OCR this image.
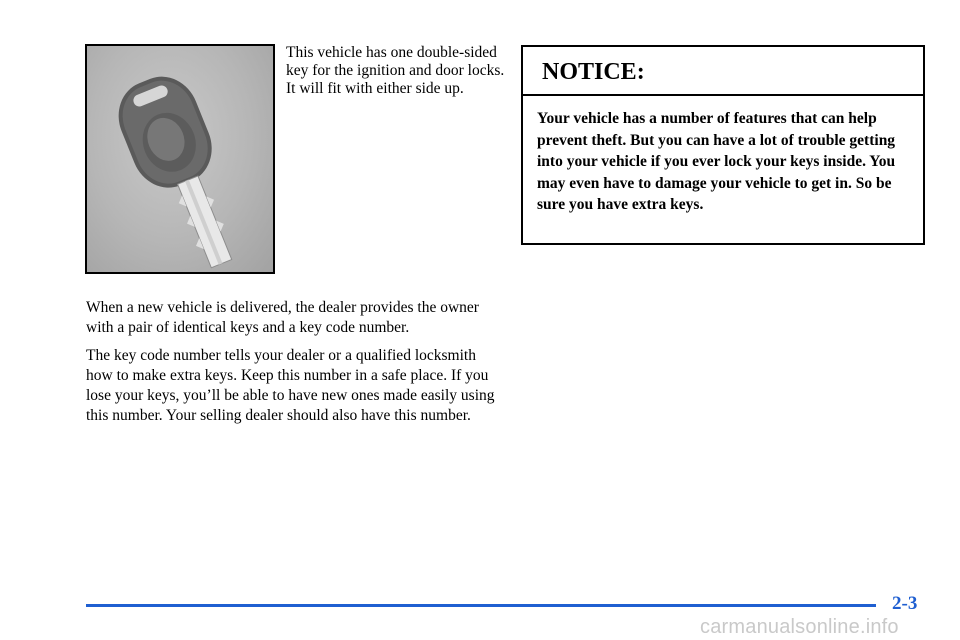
This vehicle has one double-sided key for the ignition and door locks. It will fit with either side up.

When a new vehicle is delivered, the dealer provides the owner with a pair of identical keys and a key code number.

The key code number tells your dealer or a qualified locksmith how to make extra keys. Keep this number in a safe place. If you lose your keys, you’ll be able to have new ones made easily using this number. Your selling dealer should also have this number.

NOTICE:
Your vehicle has a number of features that can help prevent theft. But you can have a lot of trouble getting into your vehicle if you ever lock your keys inside. You may even have to damage your vehicle to get in. So be sure you have extra keys.
2-3
carmanualsonline.info
